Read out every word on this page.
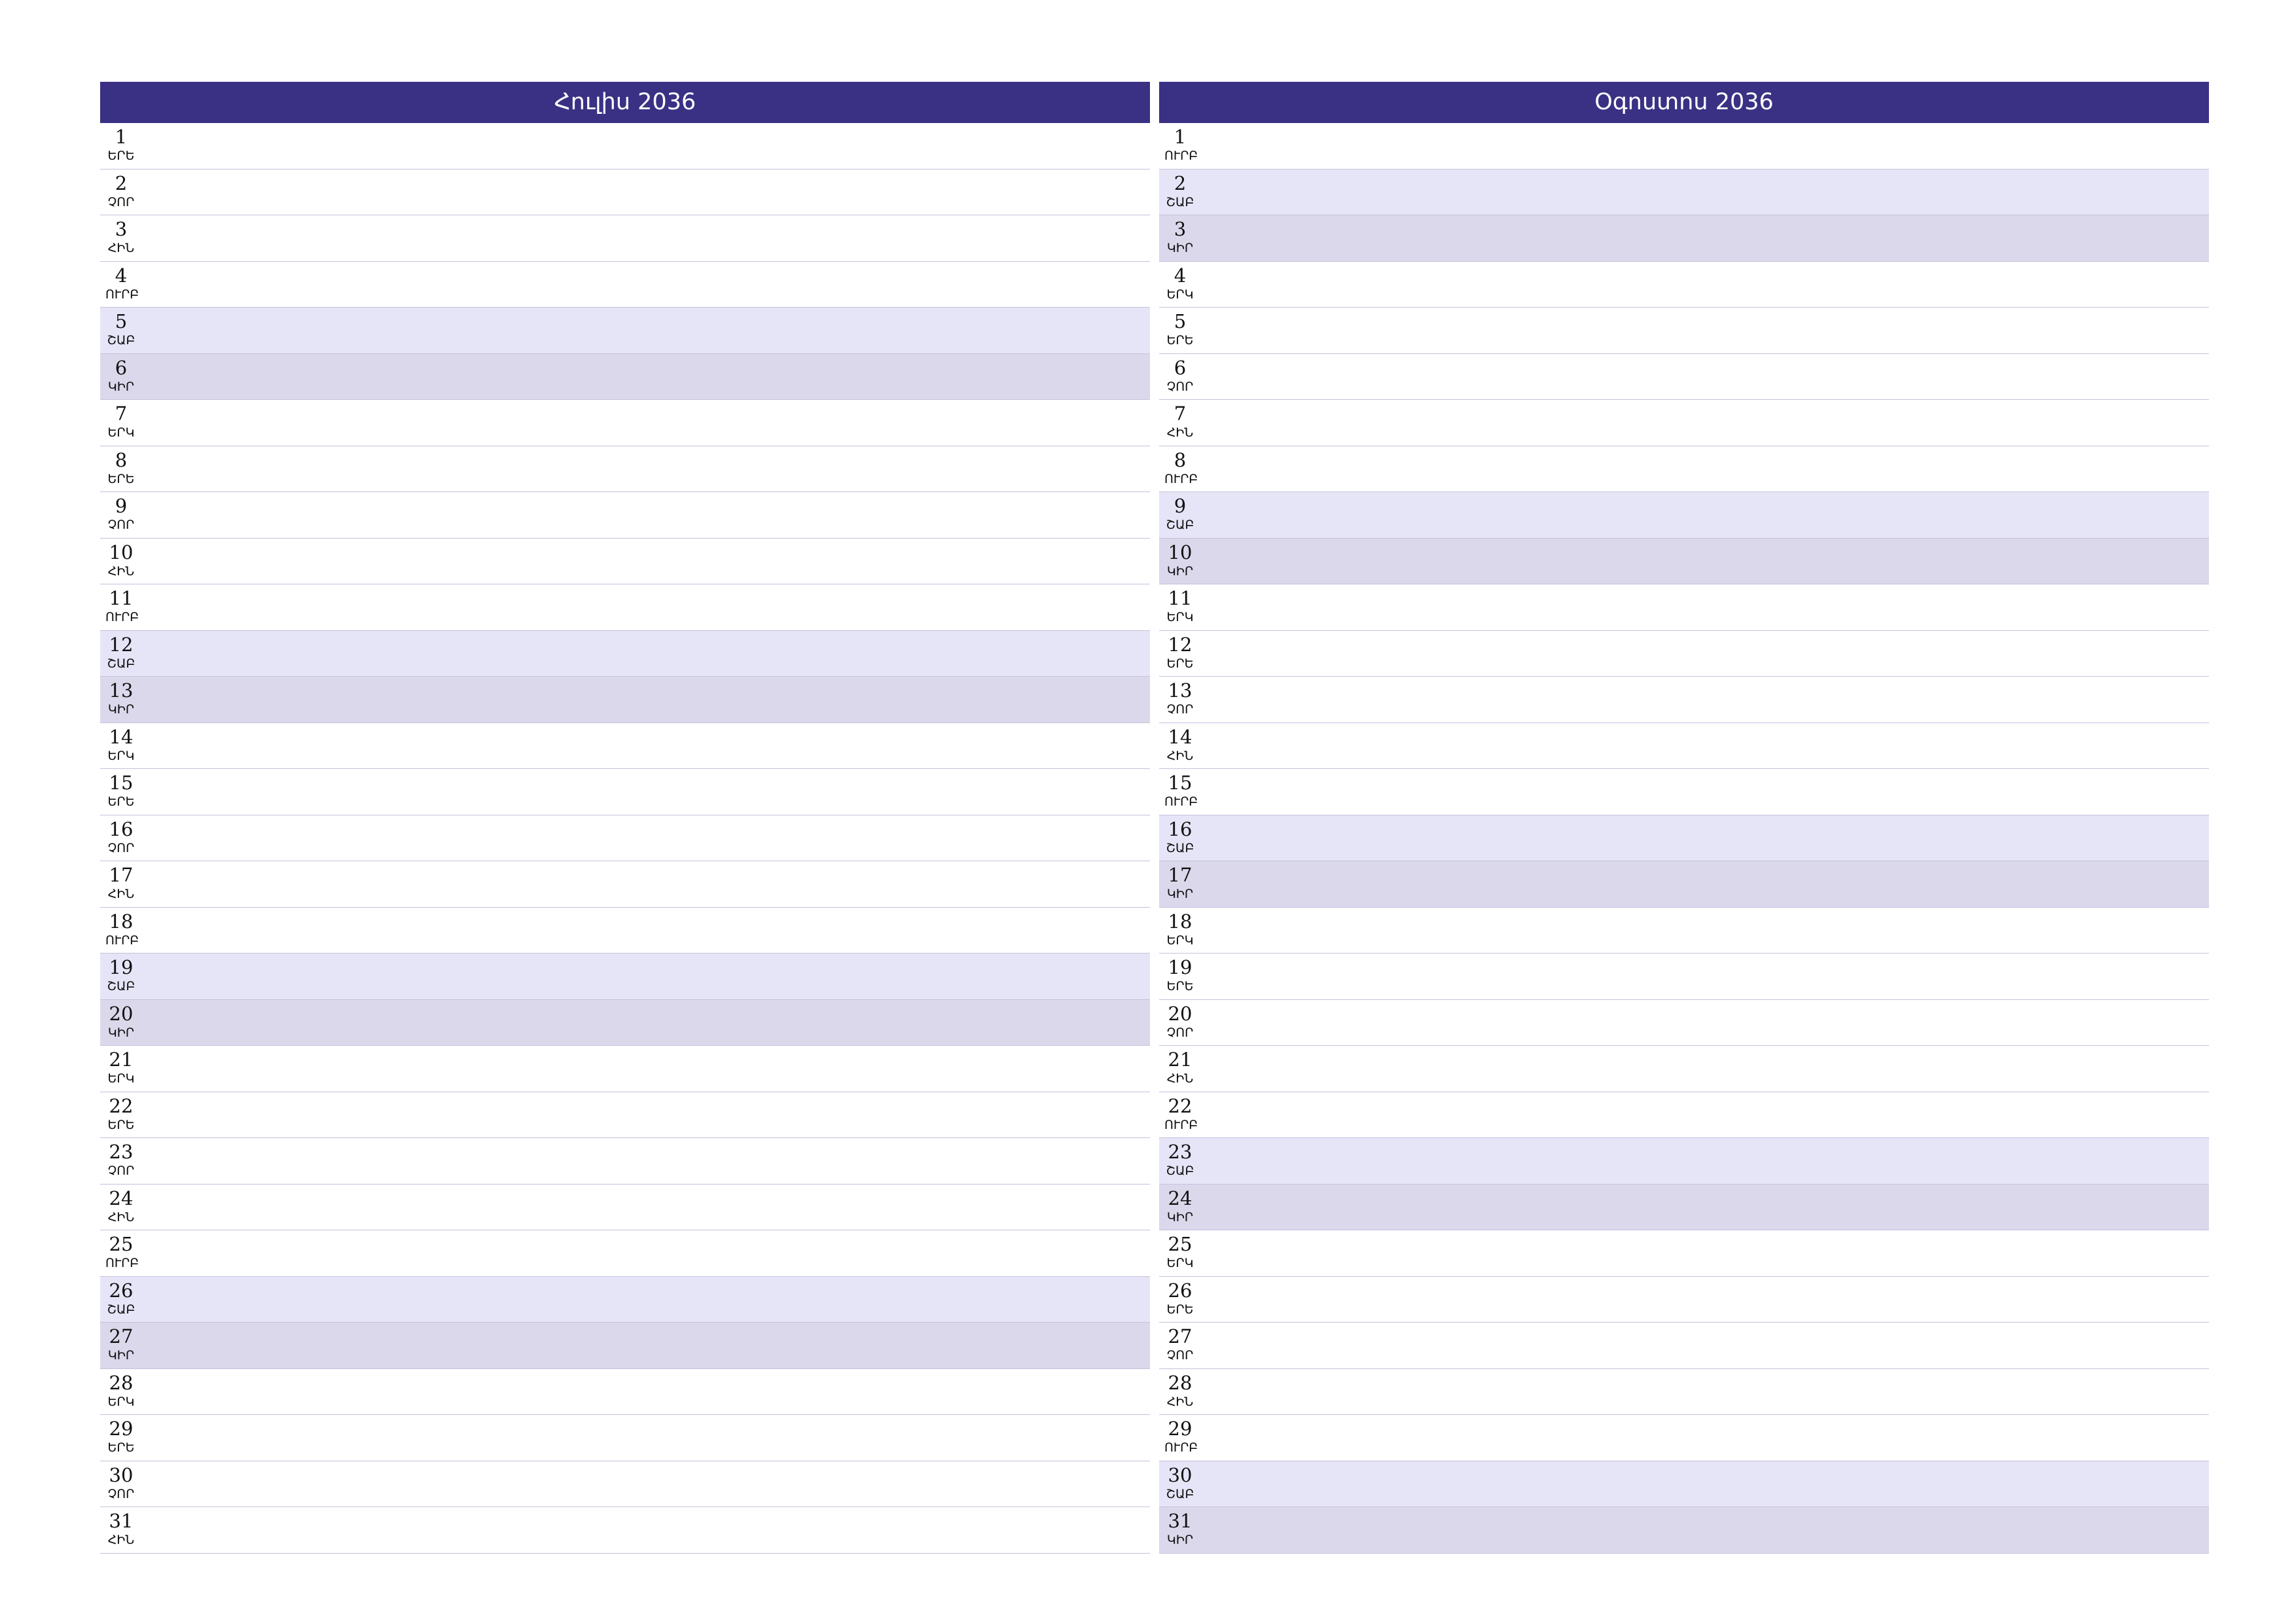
Հուլիս 2036
1
ԵՐԵ
2
ՉՈՐ
3
ՀԻՆ
4
ՈՒՐԲ
5
ՇԱԲ
6
ԿԻՐ
7
ԵՐԿ
8
ԵՐԵ
9
ՉՈՐ
10
ՀԻՆ
11
ՈՒՐԲ
12
ՇԱԲ
13
ԿԻՐ
14
ԵՐԿ
15
ԵՐԵ
16
ՉՈՐ
17
ՀԻՆ
18
ՈՒՐԲ
19
ՇԱԲ
20
ԿԻՐ
21
ԵՐԿ
22
ԵՐԵ
23
ՉՈՐ
24
ՀԻՆ
25
ՈՒՐԲ
26
ՇԱԲ
27
ԿԻՐ
28
ԵՐԿ
29
ԵՐԵ
30
ՉՈՐ
31
ՀԻՆ
Օգոստոս 2036
1
ՈՒՐԲ
2
ՇԱԲ
3
ԿԻՐ
4
ԵՐԿ
5
ԵՐԵ
6
ՉՈՐ
7
ՀԻՆ
8
ՈՒՐԲ
9
ՇԱԲ
10
ԿԻՐ
11
ԵՐԿ
12
ԵՐԵ
13
ՉՈՐ
14
ՀԻՆ
15
ՈՒՐԲ
16
ՇԱԲ
17
ԿԻՐ
18
ԵՐԿ
19
ԵՐԵ
20
ՉՈՐ
21
ՀԻՆ
22
ՈՒՐԲ
23
ՇԱԲ
24
ԿԻՐ
25
ԵՐԿ
26
ԵՐԵ
27
ՉՈՐ
28
ՀԻՆ
29
ՈՒՐԲ
30
ՇԱԲ
31
ԿԻՐ
